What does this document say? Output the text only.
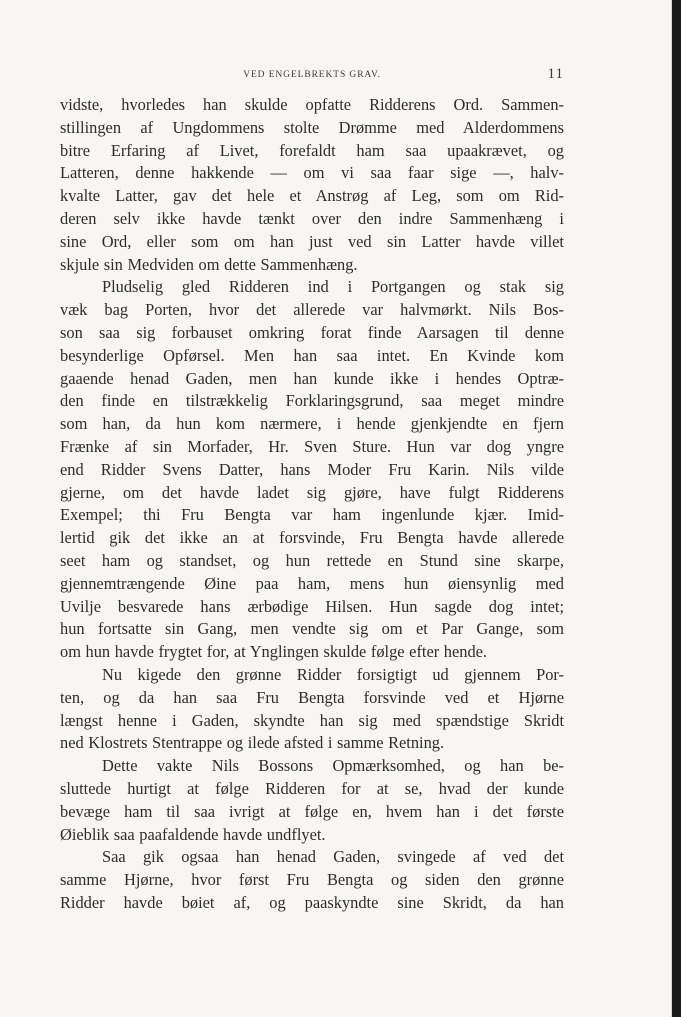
VED ENGELBREKTS GRAV.	11
vidste, hvorledes han skulde opfatte Ridderens Ord. Sammen-
stillingen af Ungdommens stolte Drømme med Alderdommens
bitre Erfaring af Livet, forefaldt ham saa upaakrævet, og
Latteren, denne hakkende — om vi saa faar sige —, halv-
kvalte Latter, gav det hele et Anstrøg af Leg, som om Rid-
deren selv ikke havde tænkt over den indre Sammenhæng i
sine Ord, eller som om han just ved sin Latter havde villet
skjule sin Medviden om dette Sammenhæng.
Pludselig gled Ridderen ind i Portgangen og stak sig
væk bag Porten, hvor det allerede var halvmørkt. Nils Bos-
son saa sig forbauset omkring forat finde Aarsagen til denne
besynderlige Opførsel. Men han saa intet. En Kvinde kom
gaaende henad Gaden, men han kunde ikke i hendes Optræ-
den finde en tilstrækkelig Forklaringsgrund, saa meget mindre
som han, da hun kom nærmere, i hende gjenkjendte en fjern
Frænke af sin Morfader, Hr. Sven Sture. Hun var dog yngre
end Ridder Svens Datter, hans Moder Fru Karin. Nils vilde
gjerne, om det havde ladet sig gjøre, have fulgt Ridderens
Exempel; thi Fru Bengta var ham ingenlunde kjær. Imid-
lertid gik det ikke an at forsvinde, Fru Bengta havde allerede
seet ham og standset, og hun rettede en Stund sine skarpe,
gjennemtrængende Øine paa ham, mens hun øiensynlig med
Uvilje besvarede hans ærbødige Hilsen. Hun sagde dog intet;
hun fortsatte sin Gang, men vendte sig om et Par Gange, som
om hun havde frygtet for, at Ynglingen skulde følge efter hende.
Nu kigede den grønne Ridder forsigtigt ud gjennem Por-
ten, og da han saa Fru Bengta forsvinde ved et Hjørne
længst henne i Gaden, skyndte han sig med spændstige Skridt
ned Klostrets Stentrappe og ilede afsted i samme Retning.
Dette vakte Nils Bossons Opmærksomhed, og han be-
sluttede hurtigt at følge Ridderen for at se, hvad der kunde
bevæge ham til saa ivrigt at følge en, hvem han i det første
Øieblik saa paafaldende havde undflyet.
Saa gik ogsaa han henad Gaden, svingede af ved det
samme Hjørne, hvor først Fru Bengta og siden den grønne
Ridder havde bøiet af, og paaskyndte sine Skridt, da han
